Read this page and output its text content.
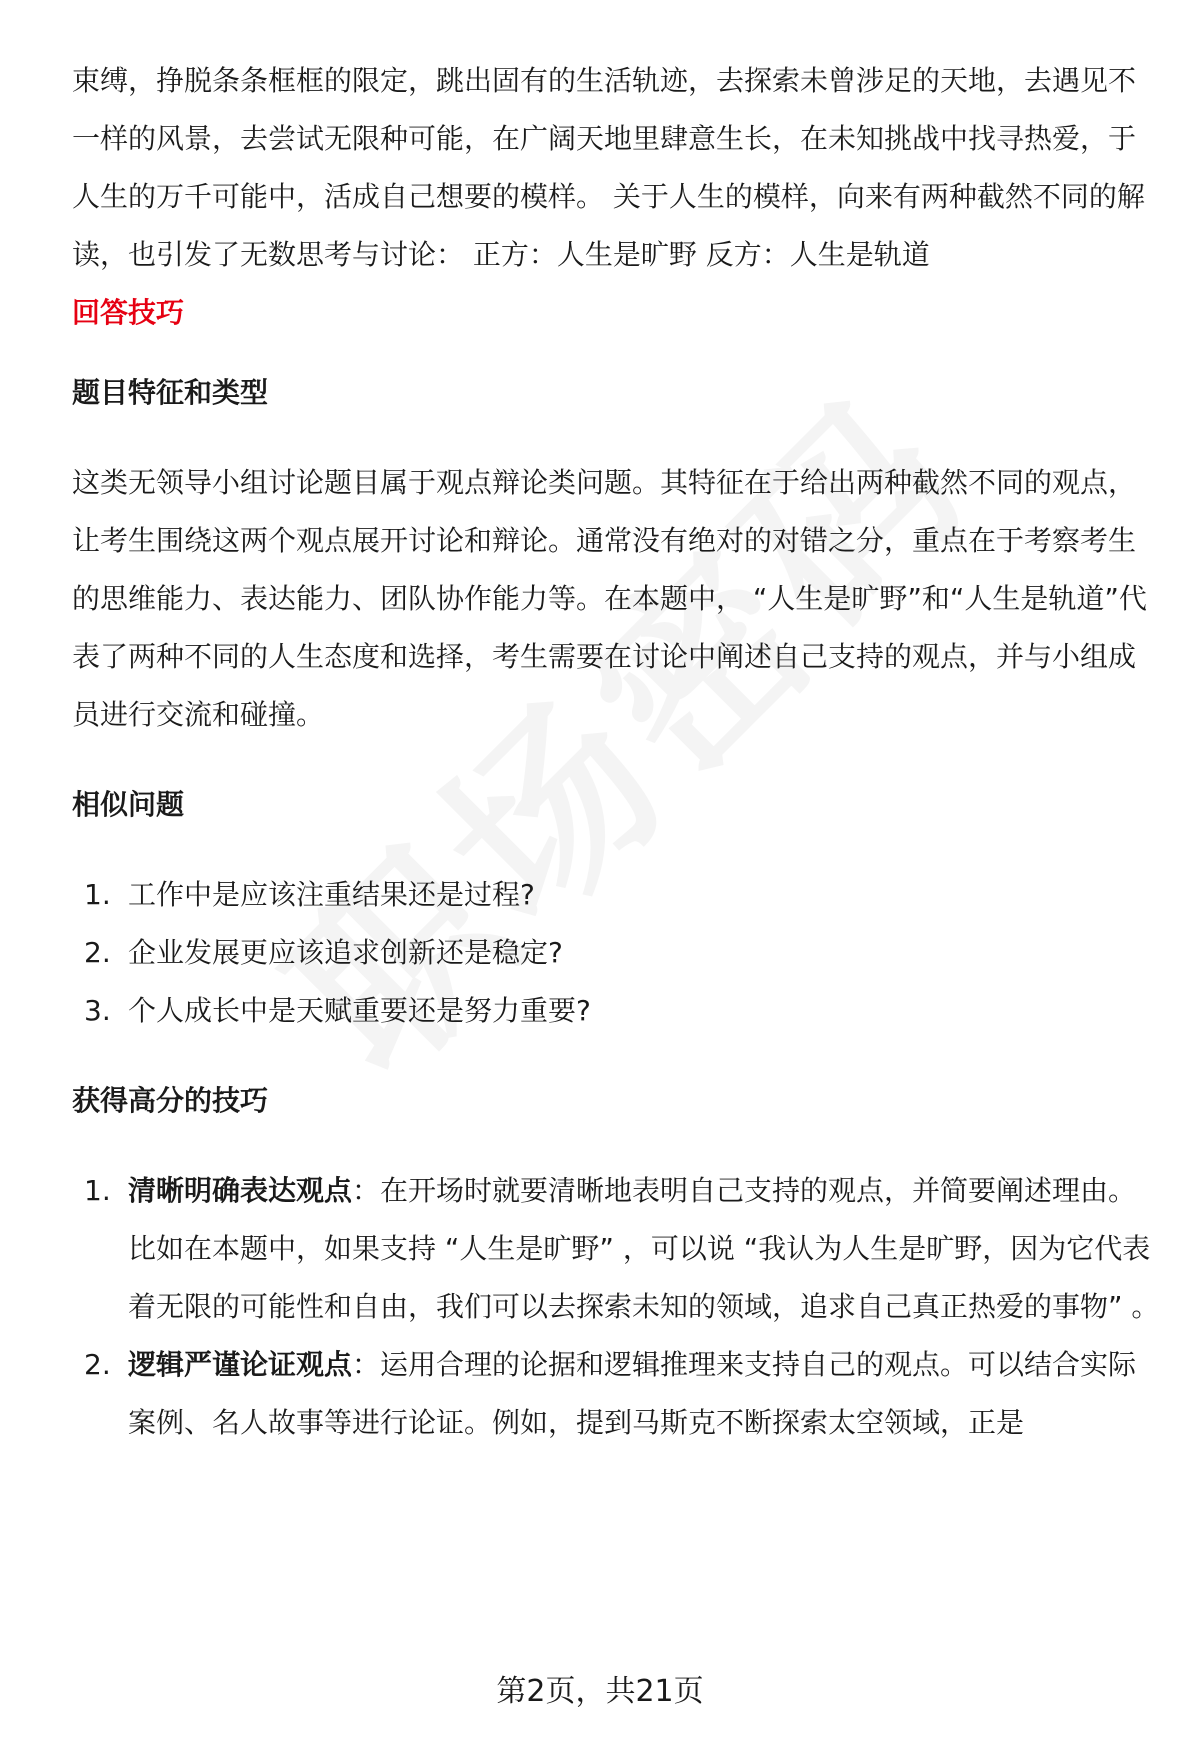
束缚，挣脱条条框框的限定，跳出固有的生活轨迹，去探索未曾涉足的天地，去遇见不一样的风景，去尝试无限种可能，在广阔天地里肆意生长，在未知挑战中找寻热爱，于人生的万千可能中，活成自己想要的模样。 关于人生的模样，向来有两种截然不同的解读，也引发了无数思考与讨论： 正方：人生是旷野 反方：人生是轨道

回答技巧

题目特征和类型

这类无领导小组讨论题目属于观点辩论类问题。其特征在于给出两种截然不同的观点，让考生围绕这两个观点展开讨论和辩论。通常没有绝对的对错之分，重点在于考察考生的思维能力、表达能力、团队协作能力等。在本题中， “人生是旷野”和“人生是轨道”代表了两种不同的人生态度和选择，考生需要在讨论中阐述自己支持的观点，并与小组成员进行交流和碰撞。

相似问题

1. 工作中是应该注重结果还是过程?
2. 企业发展更应该追求创新还是稳定?
3. 个人成长中是天赋重要还是努力重要?

获得高分的技巧

1. 清晰明确表达观点：在开场时就要清晰地表明自己支持的观点，并简要阐述理由。比如在本题中，如果支持 “人生是旷野” ，可以说 “我认为人生是旷野，因为它代表着无限的可能性和自由，我们可以去探索未知的领域，追求自己真正热爱的事物” 。
2. 逻辑严谨论证观点：运用合理的论据和逻辑推理来支持自己的观点。可以结合实际案例、名人故事等进行论证。例如，提到马斯克不断探索太空领域，正是
第2页，共21页
